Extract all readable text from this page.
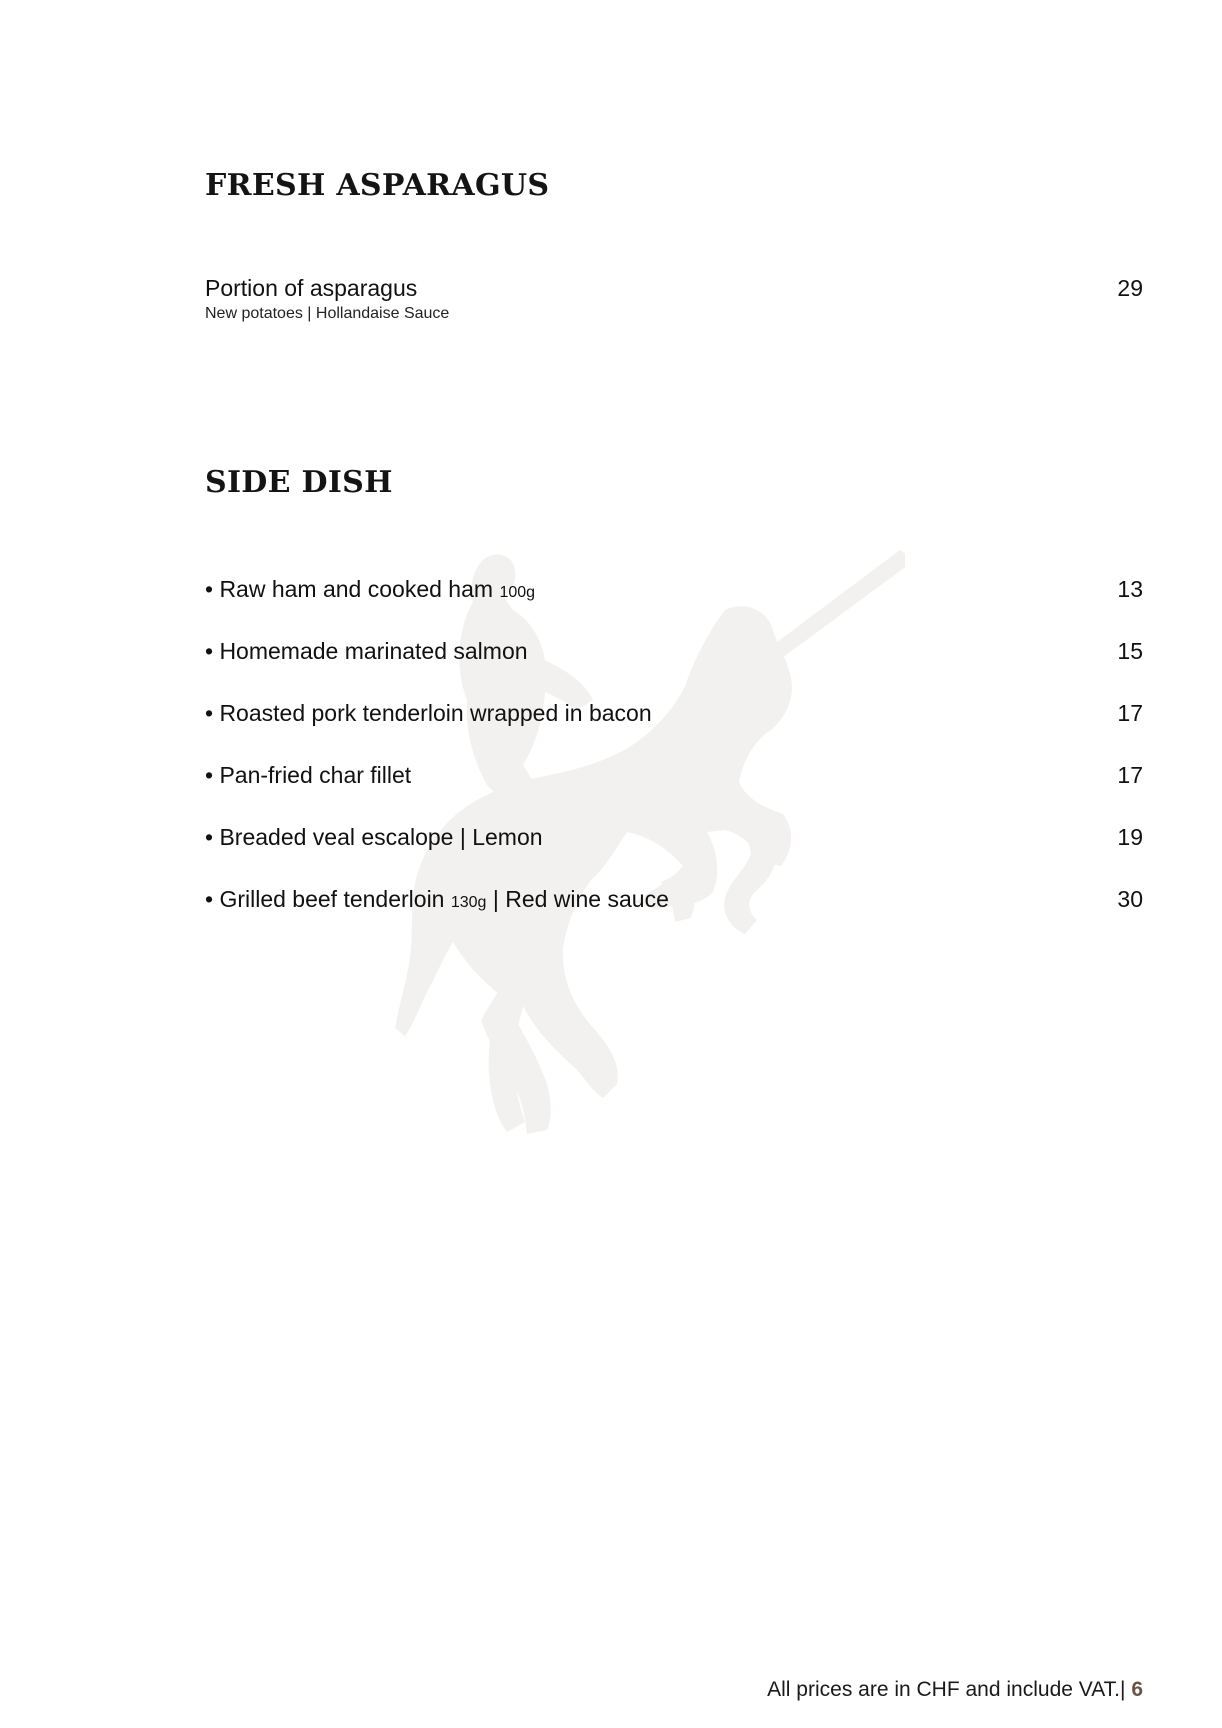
FRESH ASPARAGUS
Portion of asparagus	29
New potatoes | Hollandaise Sauce
SIDE DISH
• Raw ham and cooked ham 100g	13
• Homemade marinated salmon	15
• Roasted pork tenderloin wrapped in bacon	17
• Pan-fried char fillet	17
• Breaded veal escalope | Lemon	19
• Grilled beef tenderloin 130g | Red wine sauce	30
All prices are in CHF and include VAT.| 6
